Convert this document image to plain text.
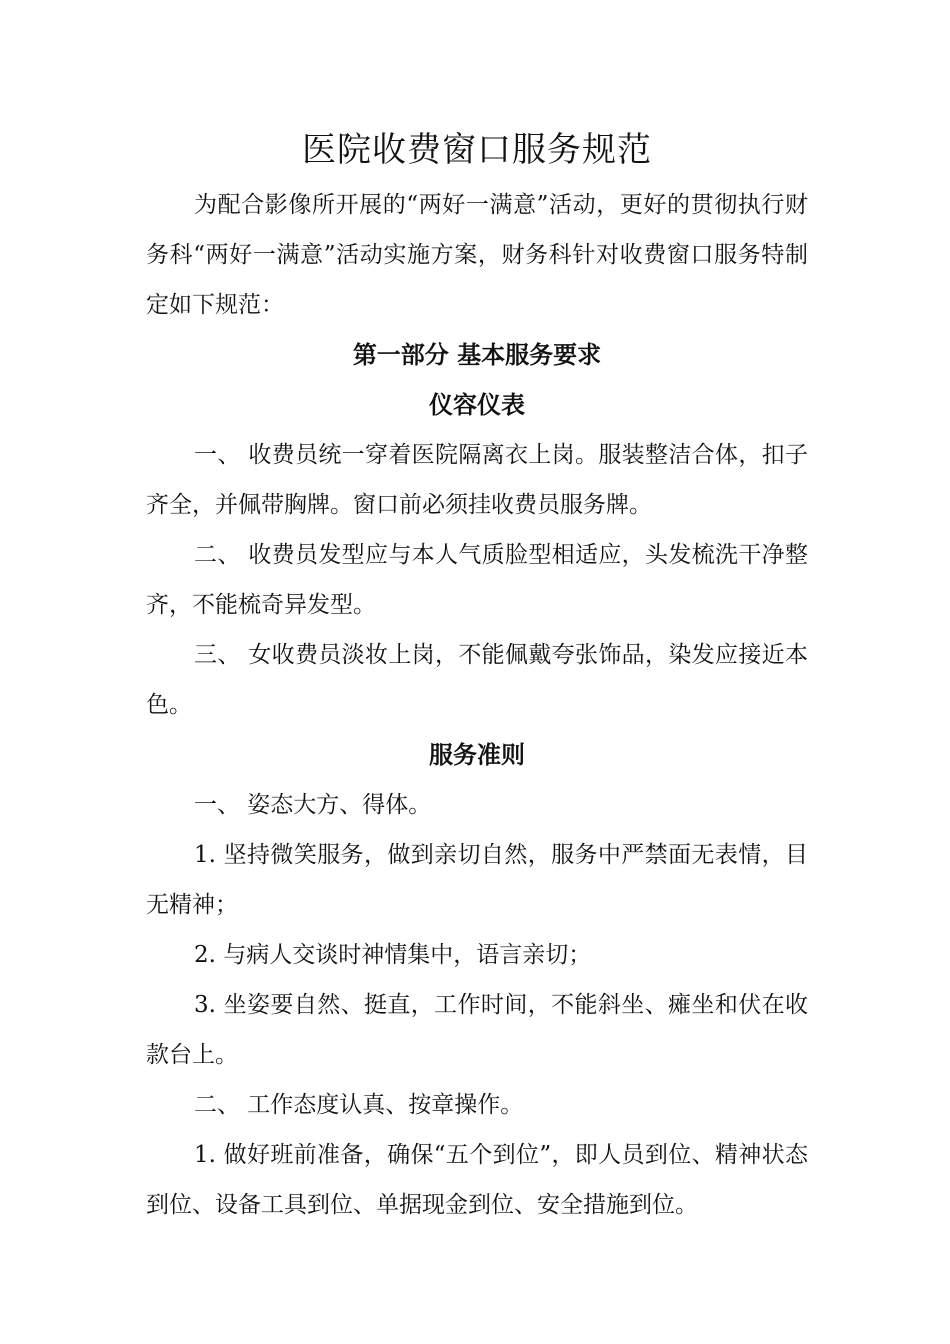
医院收费窗口服务规范

为配合影像所开展的“两好一满意”活动，更好的贯彻执行财务科“两好一满意”活动实施方案，财务科针对收费窗口服务特制定如下规范：

第一部分 基本服务要求

仪容仪表

一、 收费员统一穿着医院隔离衣上岗。服装整洁合体，扣子齐全，并佩带胸牌。窗口前必须挂收费员服务牌。

二、 收费员发型应与本人气质脸型相适应，头发梳洗干净整齐，不能梳奇异发型。

三、 女收费员淡妆上岗，不能佩戴夸张饰品，染发应接近本色。

服务准则

一、 姿态大方、得体。

1. 坚持微笑服务，做到亲切自然，服务中严禁面无表情，目无精神；

2. 与病人交谈时神情集中，语言亲切；

3. 坐姿要自然、挺直，工作时间，不能斜坐、瘫坐和伏在收款台上。

二、 工作态度认真、按章操作。

1. 做好班前准备，确保“五个到位”，即人员到位、精神状态到位、设备工具到位、单据现金到位、安全措施到位。
